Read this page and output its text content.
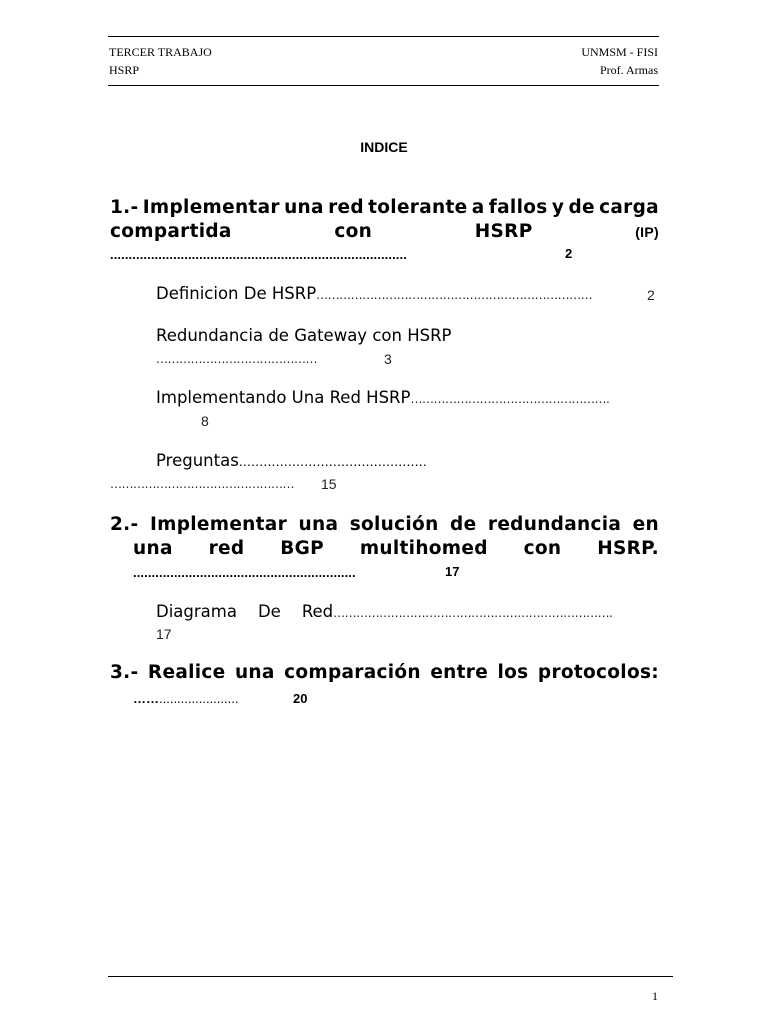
TERCER TRABAJO
HSRP
UNMSM - FISI
Prof. Armas
INDICE
1.- Implementar una red tolerante a fallos y de carga
compartida	con	HSRP	(IP)
................................................................................	2
Definicion De HSRP………………………………………………………………	2
Redundancia de Gateway con HSRP
……………………………………	3
Implementando Una Red HSRP…………………………………………….
8
Preguntas..............................................
………………………………………… 15
2.- Implementar una solución de redundancia en
una red BGP multihomed con HSRP.
............................................................	17
Diagrama De Red……………………………………………………………….
17
3.- Realice una comparación entre los protocolos:
……......................	20
1
